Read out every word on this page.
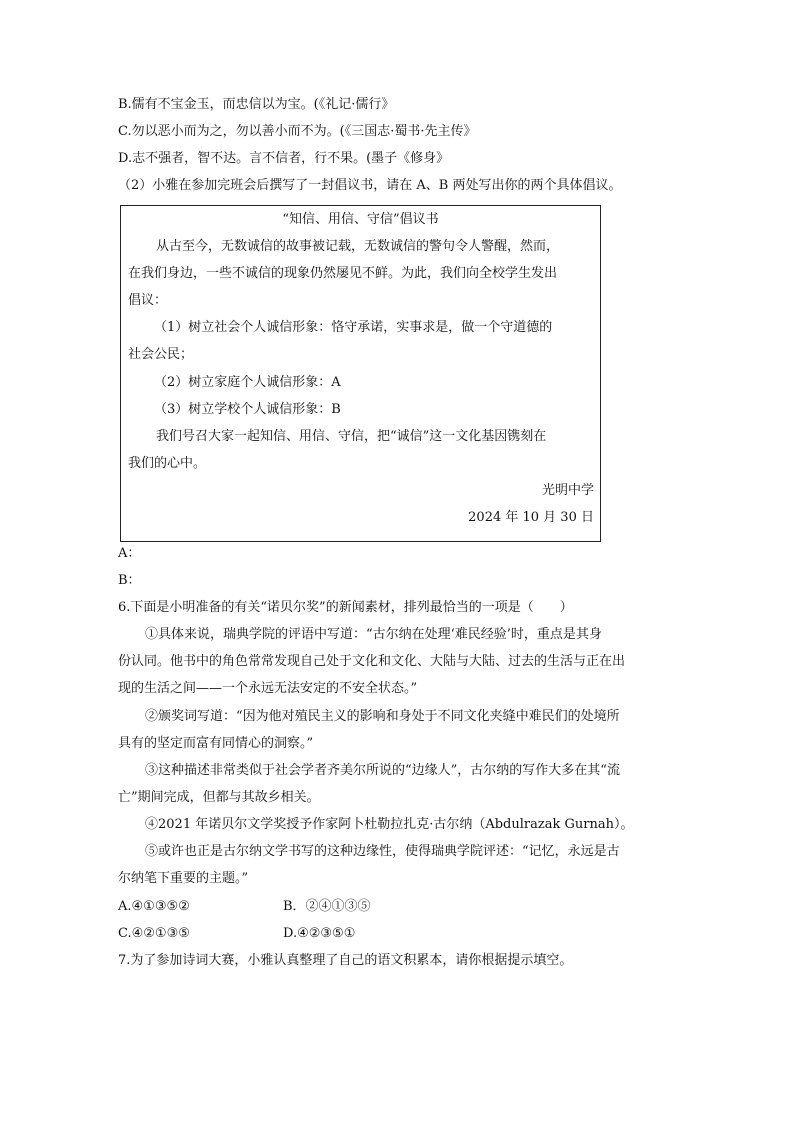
B.儒有不宝金玉，而忠信以为宝。(《礼记·儒行》
C.勿以恶小而为之，勿以善小而不为。(《三国志·蜀书·先主传》
D.志不强者，智不达。言不信者，行不果。(墨子《修身》
（2）小雅在参加完班会后撰写了一封倡议书，请在 A、B 两处写出你的两个具体倡议。
“知信、用信、守信”倡议书
从古至今，无数诚信的故事被记载，无数诚信的警句令人警醒，然而，
在我们身边，一些不诚信的现象仍然屡见不鲜。为此，我们向全校学生发出
倡议：
（1）树立社会个人诚信形象：恪守承诺，实事求是，做一个守道德的
社会公民；
（2）树立家庭个人诚信形象：A
（3）树立学校个人诚信形象：B
我们号召大家一起知信、用信、守信，把“诚信”这一文化基因镌刻在
我们的心中。
光明中学
2024 年 10 月 30 日
A：
B：
6.下面是小明准备的有关“诺贝尔奖”的新闻素材，排列最恰当的一项是（　　）
①具体来说，瑞典学院的评语中写道：“古尔纳在处理‘难民经验’时，重点是其身
份认同。他书中的角色常常发现自己处于文化和文化、大陆与大陆、过去的生活与正在出
现的生活之间——一个永远无法安定的不安全状态。”
②颁奖词写道：“因为他对殖民主义的影响和身处于不同文化夹缝中难民们的处境所
具有的坚定而富有同情心的洞察。”
③这种描述非常类似于社会学者齐美尔所说的“边缘人”，古尔纳的写作大多在其“流
亡”期间完成，但都与其故乡相关。
④2021 年诺贝尔文学奖授予作家阿卜杜勒拉扎克·古尔纳（Abdulrazak Gurnah）。
⑤或许也正是古尔纳文学书写的这种边缘性，使得瑞典学院评述：“记忆，永远是古
尔纳笔下重要的主题。”
A.④①③⑤②	B．②④①③⑤
C.④②①③⑤	D.④②③⑤①
7.为了参加诗词大赛，小雅认真整理了自己的语文积累本，请你根据提示填空。
